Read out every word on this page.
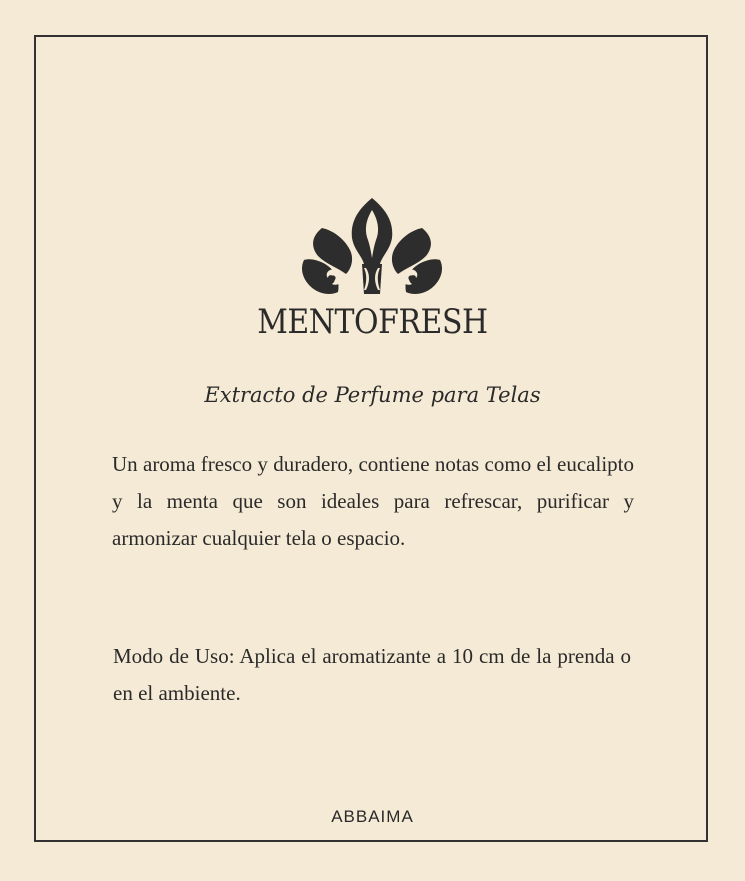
MENTOFRESH
Extracto de Perfume para Telas
Un aroma fresco y duradero, contiene notas como el eucalipto y la menta que son ideales para refrescar, purificar y armonizar cualquier tela o espacio.
Modo de Uso: Aplica el aromatizante a 10 cm de la prenda o en el ambiente.
ABBAIMA
